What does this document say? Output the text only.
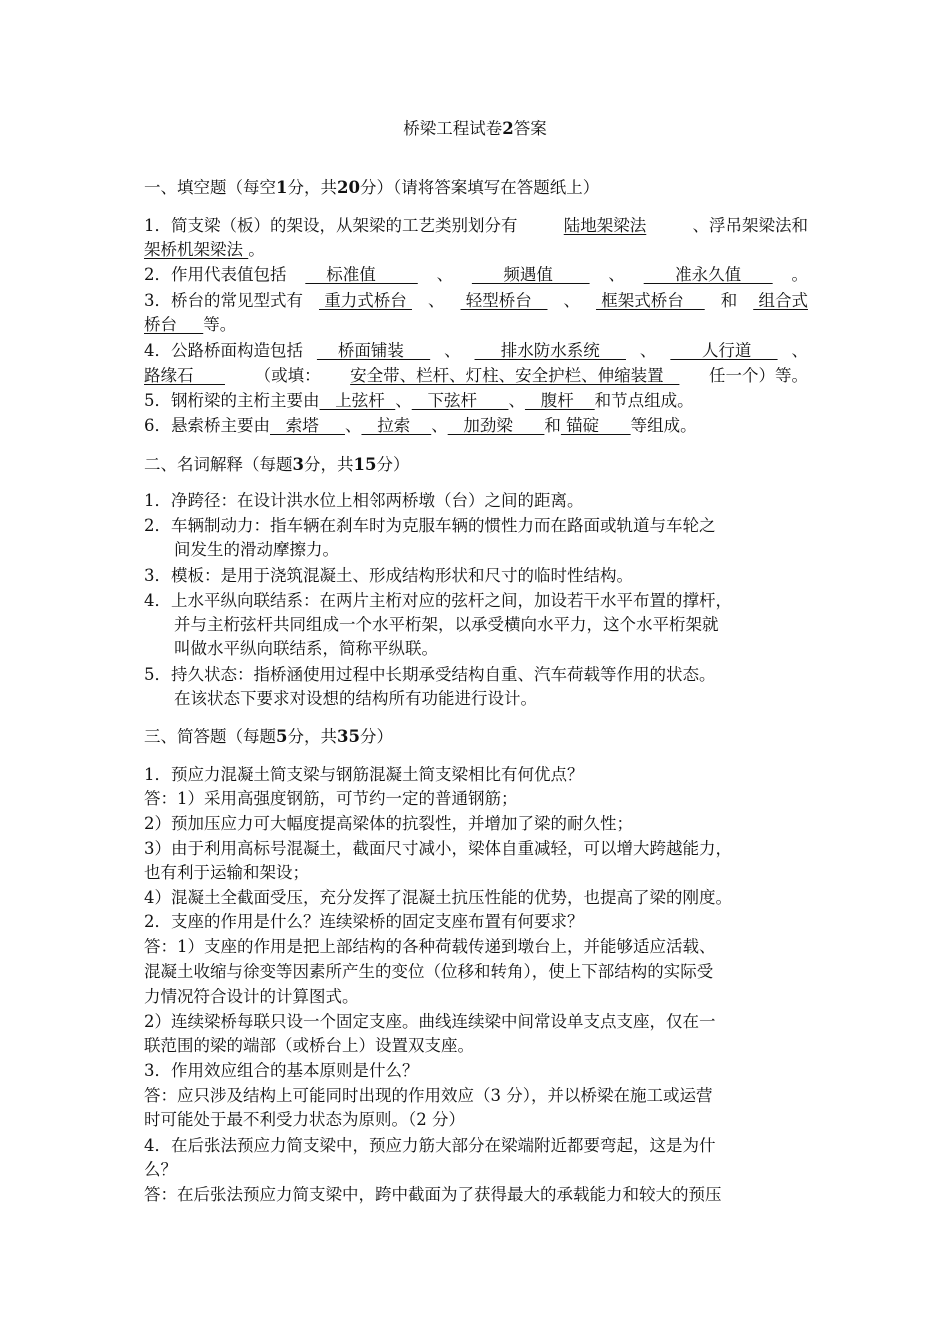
桥梁工程试卷2答案
一、填空题（每空1分，共20分）（请将答案填写在答题纸上）
1．简支梁（板）的架设，从架梁的工艺类别划分有	陆地架梁法	、浮吊架梁法和
架桥机架梁法 。
2．作用代表值包括 标准值 、 频遇值 、 准永久值 。
3．桥台的常见型式有 重力式桥台 、 轻型桥台 、 框架式桥台 和 组合式
桥台     等。
4．公路桥面构造包括 桥面铺装 、 排水防水系统 、 人行道 、
路缘石 （或填： 安全带、栏杆、灯柱、安全护栏、伸缩装置 任一个）等。
5．钢桁梁的主桁主要由   上弦杆  、   下弦杆      、   腹杆    和节点组成。
6．悬索桥主要由   索塔     、   拉索    、   加劲梁      和 锚碇      等组成。
二、名词解释（每题3分，共15分）
1．净跨径：在设计洪水位上相邻两桥墩（台）之间的距离。
2．车辆制动力：指车辆在刹车时为克服车辆的惯性力而在路面或轨道与车轮之
间发生的滑动摩擦力。
3．模板：是用于浇筑混凝土、形成结构形状和尺寸的临时性结构。
4．上水平纵向联结系：在两片主桁对应的弦杆之间，加设若干水平布置的撑杆，
并与主桁弦杆共同组成一个水平桁架，以承受横向水平力，这个水平桁架就
叫做水平纵向联结系，简称平纵联。
5．持久状态：指桥涵使用过程中长期承受结构自重、汽车荷载等作用的状态。
在该状态下要求对设想的结构所有功能进行设计。
三、简答题（每题5分，共35分）
1．预应力混凝土简支梁与钢筋混凝土简支梁相比有何优点？
答：1）采用高强度钢筋，可节约一定的普通钢筋；
2）预加压应力可大幅度提高梁体的抗裂性，并增加了梁的耐久性；
3）由于利用高标号混凝土，截面尺寸减小，梁体自重减轻，可以增大跨越能力，
也有利于运输和架设；
4）混凝土全截面受压，充分发挥了混凝土抗压性能的优势，也提高了梁的刚度。
2．支座的作用是什么？连续梁桥的固定支座布置有何要求？
答：1）支座的作用是把上部结构的各种荷载传递到墩台上，并能够适应活载、
混凝土收缩与徐变等因素所产生的变位（位移和转角），使上下部结构的实际受
力情况符合设计的计算图式。
2）连续梁桥每联只设一个固定支座。曲线连续梁中间常设单支点支座，仅在一
联范围的梁的端部（或桥台上）设置双支座。
3．作用效应组合的基本原则是什么？
答：应只涉及结构上可能同时出现的作用效应（3 分），并以桥梁在施工或运营
时可能处于最不利受力状态为原则。（2 分）
4．在后张法预应力简支梁中，预应力筋大部分在梁端附近都要弯起，这是为什
么？
答：在后张法预应力简支梁中，跨中截面为了获得最大的承载能力和较大的预压
